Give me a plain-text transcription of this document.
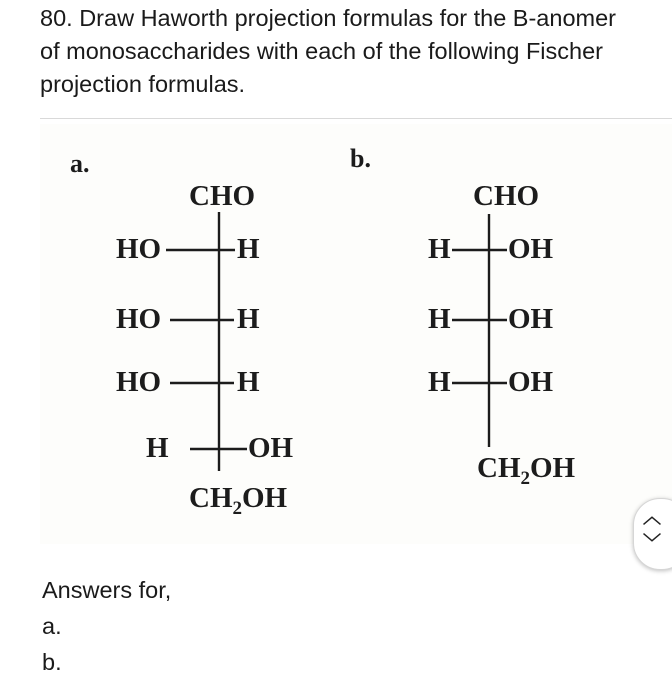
80. Draw Haworth projection formulas for the B-anomer of monosaccharides with each of the following Fischer projection formulas.

a.
CHO
HO	H
HO	H
HO	H
H	OH
$CH_2OH$
b.
CHO
H OH
H OH
H OH
$CH_2OH$
Answers for,
a.
b.
︿
﹀
